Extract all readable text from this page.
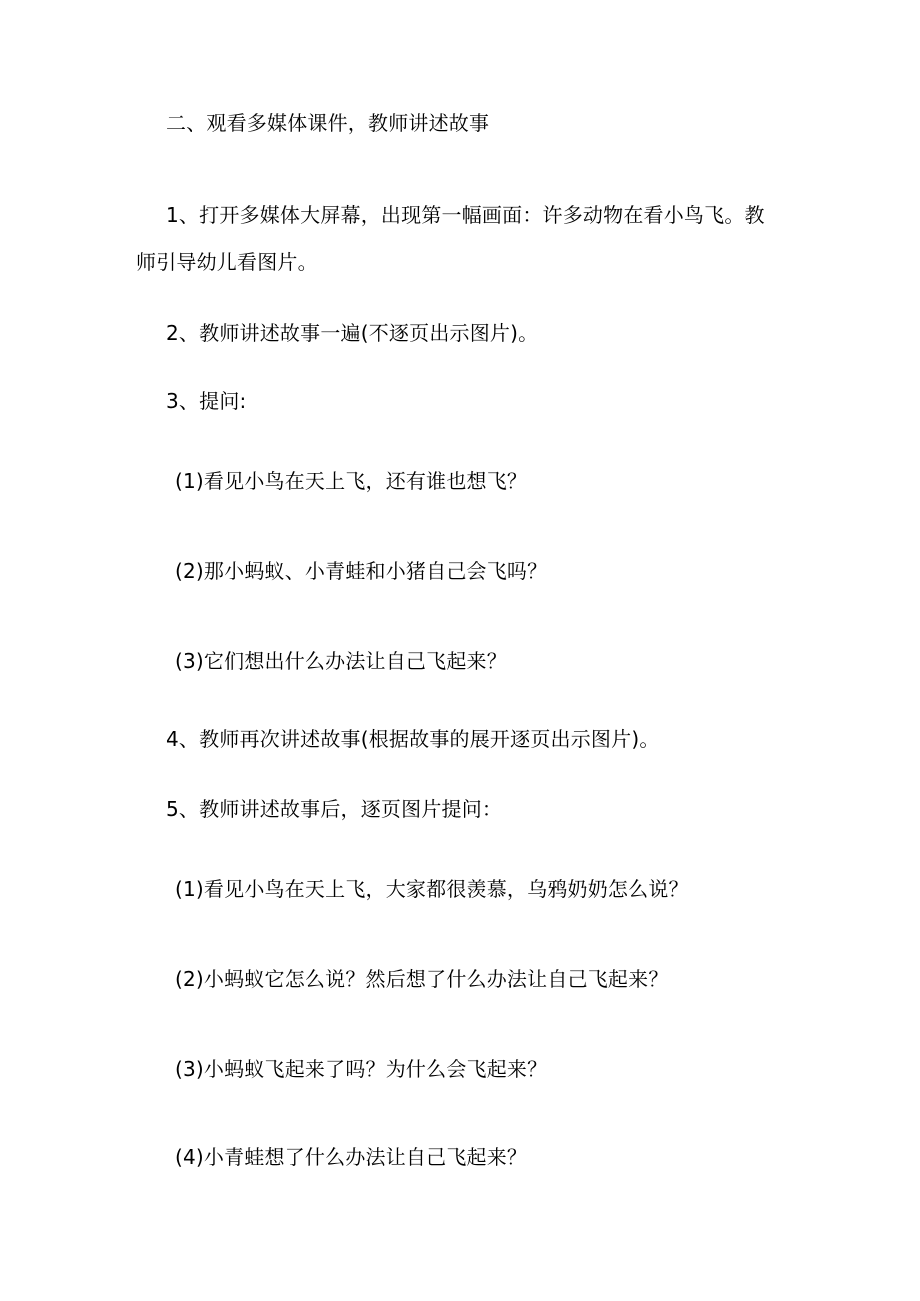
二、观看多媒体课件，教师讲述故事

1、打开多媒体大屏幕，出现第一幅画面：许多动物在看小鸟飞。教

师引导幼儿看图片。

2、教师讲述故事一遍(不逐页出示图片)。

3、提问:

(1)看见小鸟在天上飞，还有谁也想飞？

(2)那小蚂蚁、小青蛙和小猪自己会飞吗？

(3)它们想出什么办法让自己飞起来？

4、教师再次讲述故事(根据故事的展开逐页出示图片)。

5、教师讲述故事后，逐页图片提问：

(1)看见小鸟在天上飞，大家都很羡慕，乌鸦奶奶怎么说？

(2)小蚂蚁它怎么说？然后想了什么办法让自己飞起来？

(3)小蚂蚁飞起来了吗？为什么会飞起来？

(4)小青蛙想了什么办法让自己飞起来？
